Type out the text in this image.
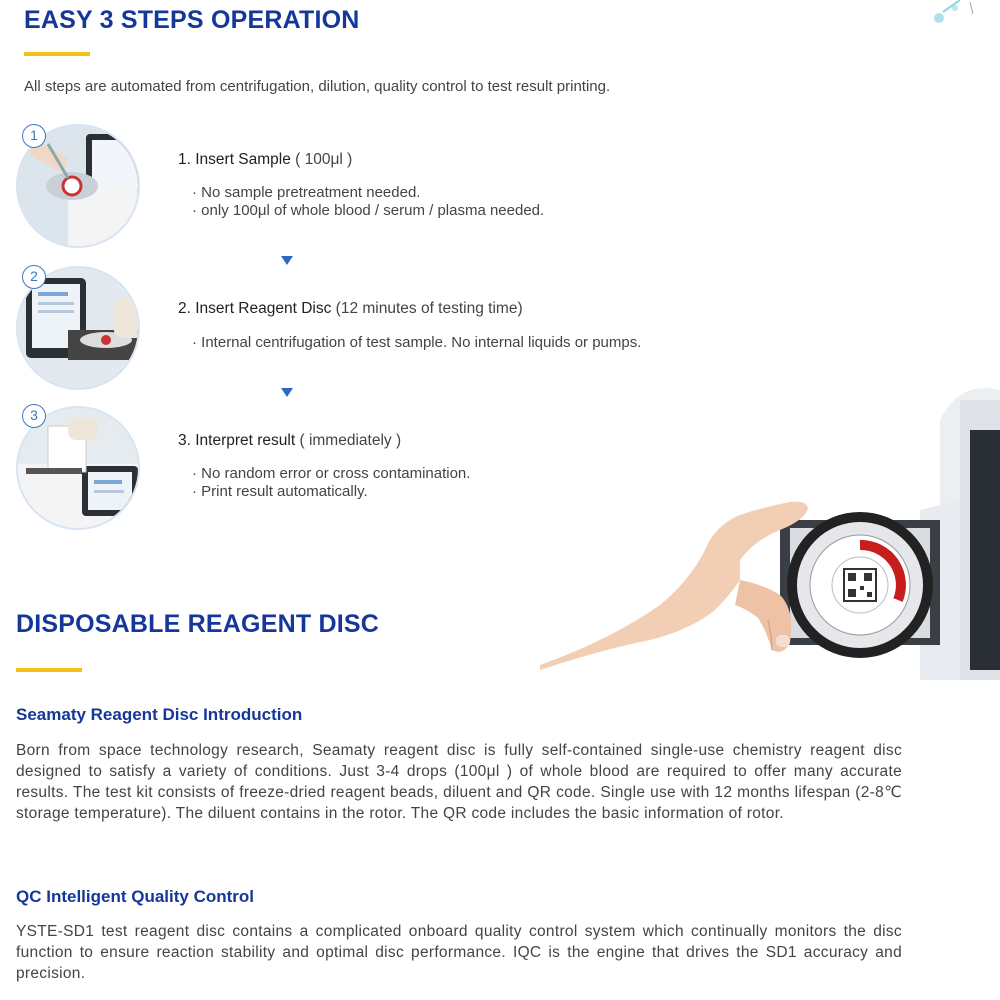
EASY 3 STEPS OPERATION
All steps are automated from centrifugation, dilution, quality control to test result printing.
1
1. Insert Sample ( 100μl )
· No sample pretreatment needed.
· only 100μl of whole blood / serum / plasma needed.
2
2. Insert Reagent Disc (12 minutes of testing time)
· Internal centrifugation of test sample. No internal liquids or pumps.
3
3. Interpret result ( immediately )
· No random error or cross contamination.
· Print result automatically.
DISPOSABLE REAGENT DISC
Seamaty Reagent Disc Introduction
Born from space technology research, Seamaty reagent disc is fully self-contained single-use chemistry reagent disc designed to satisfy a variety of conditions. Just 3-4 drops (100μl ) of whole blood are required to offer many accurate results. The test kit consists of freeze-dried reagent beads, diluent and QR code. Single use with 12 months lifespan (2-8℃ storage temperature). The diluent contains in the rotor. The QR code includes the basic information of rotor.
QC Intelligent Quality Control
YSTE-SD1 test reagent disc contains a complicated onboard quality control system which continually monitors the disc function to ensure reaction stability and optimal disc performance. IQC is the engine that drives the SD1 accuracy and precision.
